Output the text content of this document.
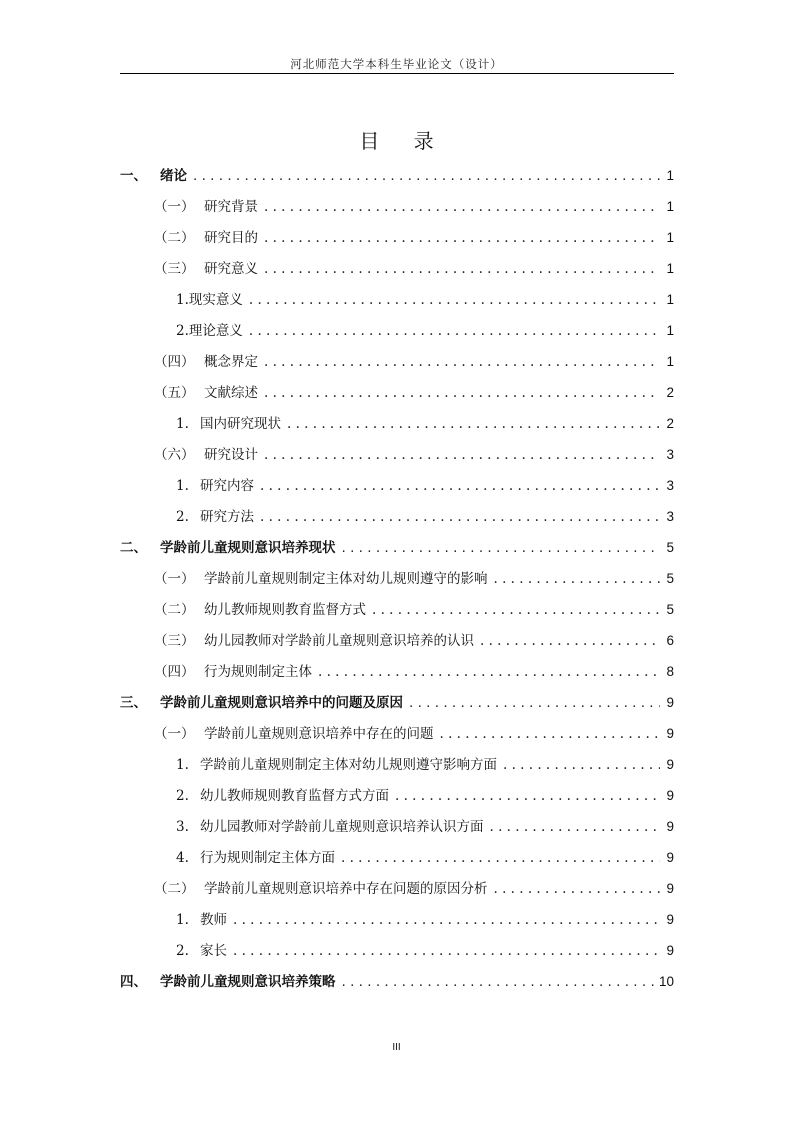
河北师范大学本科生毕业论文（设计）
目 录
一、 绪论 . . .	1
（一） 研究背景 . . .	1
（二） 研究目的 . . .	1
（三） 研究意义 . . .	1
1. 现实意义 . . .	1
2. 理论意义 . . .	1
（四） 概念界定 . . .	1
（五） 文献综述 . . .	2
1. 国内研究现状 . . .	2
（六） 研究设计 . . .	3
1. 研究内容 . . .	3
2. 研究方法 . . .	3
二、 学龄前儿童规则意识培养现状 . . .	5
（一） 学龄前儿童规则制定主体对幼儿规则遵守的影响 . . .	5
（二） 幼儿教师规则教育监督方式 . . .	5
（三） 幼儿园教师对学龄前儿童规则意识培养的认识 . . .	6
（四） 行为规则制定主体 . . .	8
三、 学龄前儿童规则意识培养中的问题及原因 . . .	9
（一） 学龄前儿童规则意识培养中存在的问题 . . .	9
1. 学龄前儿童规则制定主体对幼儿规则遵守影响方面 . . .	9
2. 幼儿教师规则教育监督方式方面 . . .	9
3. 幼儿园教师对学龄前儿童规则意识培养认识方面 . . .	9
4. 行为规则制定主体方面 . . .	9
（二） 学龄前儿童规则意识培养中存在问题的原因分析 . . .	9
1. 教师 . . .	9
2. 家长 . . .	9
四、 学龄前儿童规则意识培养策略 . . .	10
III
